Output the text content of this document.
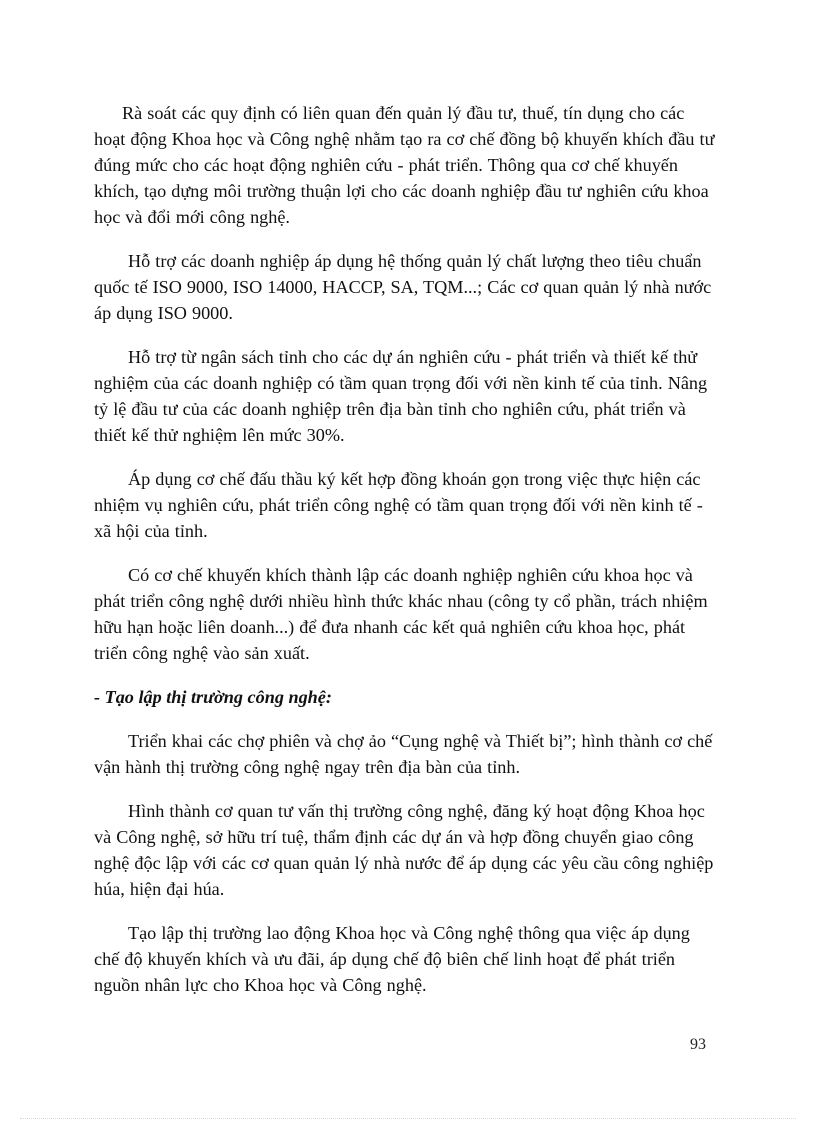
Rà soát các quy định có liên quan đến quản lý đầu tư, thuế, tín dụng cho các hoạt động Khoa học và Công nghệ nhằm tạo ra cơ chế đồng bộ khuyến khích đầu tư đúng mức cho các hoạt động nghiên cứu - phát triển. Thông qua cơ chế khuyến khích, tạo dựng môi trường thuận lợi cho các doanh nghiệp đầu tư nghiên cứu khoa học và đổi mới công nghệ.

Hỗ trợ các doanh nghiệp áp dụng hệ thống quản lý chất lượng theo tiêu chuẩn quốc tế ISO 9000, ISO 14000, HACCP, SA, TQM...; Các cơ quan quản lý nhà nước áp dụng ISO 9000.

Hỗ trợ từ ngân sách tỉnh cho các dự án nghiên cứu - phát triển và thiết kế thử nghiệm của các doanh nghiệp có tầm quan trọng đối với nền kinh tế của tỉnh. Nâng tỷ lệ đầu tư của các doanh nghiệp trên địa bàn tỉnh cho nghiên cứu, phát triển và thiết kế thử nghiệm lên mức 30%.

Áp dụng cơ chế đấu thầu ký kết hợp đồng khoán gọn trong việc thực hiện các nhiệm vụ nghiên cứu, phát triển công nghệ có tầm quan trọng đối với nền kinh tế - xã hội của tỉnh.

Có cơ chế khuyến khích thành lập các doanh nghiệp nghiên cứu khoa học và phát triển công nghệ dưới nhiều hình thức khác nhau (công ty cổ phần, trách nhiệm hữu hạn hoặc liên doanh...) để đưa nhanh các kết quả nghiên cứu khoa học, phát triển công nghệ vào sản xuất.

- Tạo lập thị trường công nghệ:

Triển khai các chợ phiên và chợ ảo “Cụng nghệ và Thiết bị”; hình thành cơ chế vận hành thị trường công nghệ ngay trên địa bàn của tỉnh.

Hình thành cơ quan tư vấn thị trường công nghệ, đăng ký hoạt động Khoa học và Công nghệ, sở hữu trí tuệ, thẩm định các dự án và hợp đồng chuyển giao công nghệ độc lập với các cơ quan quản lý nhà nước để áp dụng các yêu cầu công nghiệp húa, hiện đại húa.

Tạo lập thị trường lao động Khoa học và Công nghệ thông qua việc áp dụng chế độ khuyến khích và ưu đãi, áp dụng chế độ biên chế linh hoạt để phát triển nguồn nhân lực cho Khoa học và Công nghệ.

93
